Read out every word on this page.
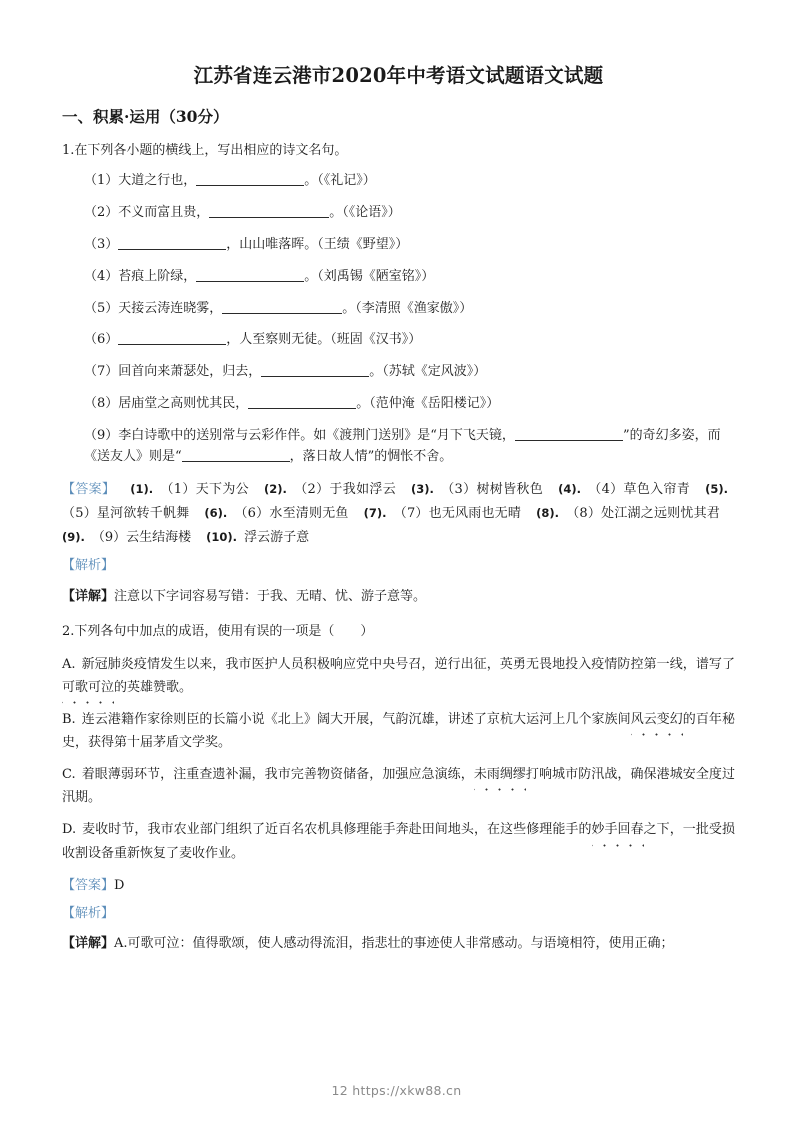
江苏省连云港市2020年中考语文试题语文试题
一、积累·运用（30分）
1.在下列各小题的横线上，写出相应的诗文名句。
（1）大道之行也，	。（《礼记》）
（2）不义而富且贵，	。（《论语》）
（3）	，山山唯落晖。（王绩《野望》）
（4）苔痕上阶绿，	。（刘禹锡《陋室铭》）
（5）天接云涛连晓雾，	。（李清照《渔家傲》）
（6）	，人至察则无徒。（班固《汉书》）
（7）回首向来萧瑟处，归去，	。（苏轼《定风波》）
（8）居庙堂之高则忧其民，	。（范仲淹《岳阳楼记》）
（9）李白诗歌中的送别常与云彩作伴。如《渡荆门送别》是“月下飞天镜，	”的奇幻多姿，而《送友人》则是“	，落日故人情”的惆怅不舍。
【答案】 (1). （1）天下为公 (2). （2）于我如浮云 (3). （3）树树皆秋色 (4). （4）草色入帘青 (5).（5）星河欲转千帆舞 (6). （6）水至清则无鱼 (7). （7）也无风雨也无晴 (8). （8）处江湖之远则忧其君(9). （9）云生结海楼 (10). 浮云游子意
【解析】
【详解】注意以下字词容易写错：于我、无晴、忧、游子意等。
2.下列各句中加点的成语，使用有误的一项是（　　）
A. 新冠肺炎疫情发生以来，我市医护人员积极响应党中央号召，逆行出征，英勇无畏地投入疫情防控第一线，谱写了可歌可泣的英雄赞歌。
B. 连云港籍作家徐则臣的长篇小说《北上》阔大开展，气韵沉雄，讲述了京杭大运河上几个家族间风云变幻的百年秘史，获得第十届茅盾文学奖。
C. 着眼薄弱环节，注重查遗补漏，我市完善物资储备，加强应急演练，未雨绸缪打响城市防汛战，确保港城安全度过汛期。
D. 麦收时节，我市农业部门组织了近百名农机具修理能手奔赴田间地头，在这些修理能手的妙手回春之下，一批受损收割设备重新恢复了麦收作业。
【答案】D
【解析】
【详解】A.可歌可泣：值得歌颂，使人感动得流泪，指悲壮的事迹使人非常感动。与语境相符，使用正确；
12 https://xkw88.cn
